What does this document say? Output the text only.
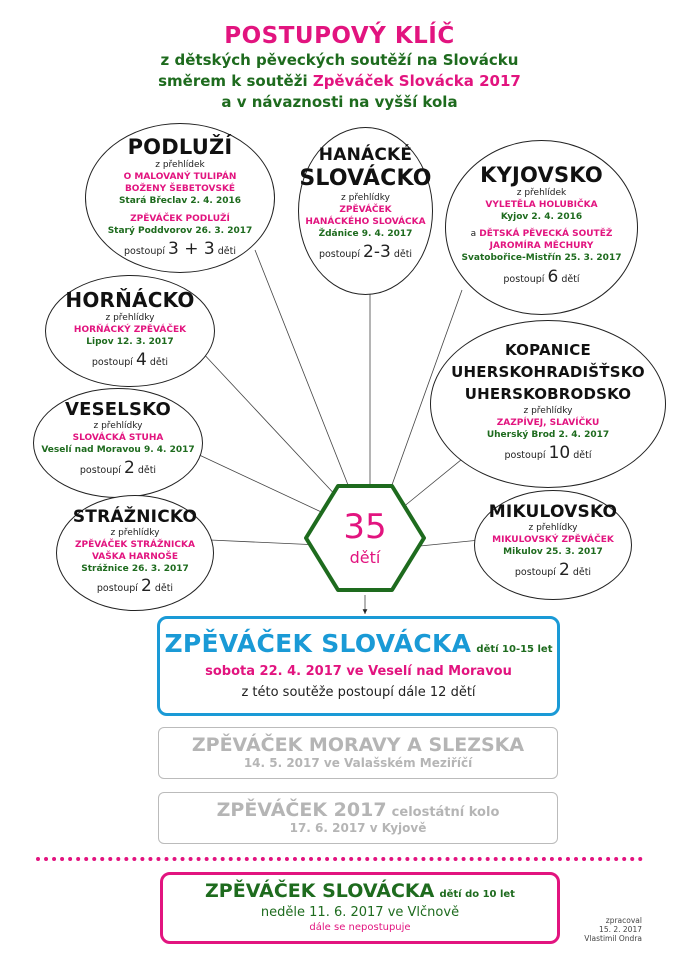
POSTUPOVÝ KLÍČ
z dětských pěveckých soutěží na Slovácku
směrem k soutěži Zpěváček Slovácka 2017
a v návaznosti na vyšší kola
PODLUŽÍ
z přehlídek
O MALOVANÝ TULIPÁN
BOŽENY ŠEBETOVSKÉ
Stará Břeclav 2. 4. 2016
ZPĚVÁČEK PODLUŽÍ
Starý Poddvorov 26. 3. 2017
postoupí 3 + 3 děti
HANÁCKÉ
SLOVÁCKO
z přehlídky
ZPĚVÁČEK
HANÁCKÉHO SLOVÁCKA
Ždánice 9. 4. 2017
postoupí 2-3 děti
KYJOVSKO
z přehlídek
VYLETĚLA HOLUBIČKA
Kyjov 2. 4. 2016
a DĚTSKÁ PĚVECKÁ SOUTĚŽ
JAROMÍRA MĚCHURY
Svatobořice-Mistřín 25. 3. 2017
postoupí 6 dětí
HORŇÁCKO
z přehlídky
HORŇÁCKÝ ZPĚVÁČEK
Lipov 12. 3. 2017
postoupí 4 děti
KOPANICE
UHERSKOHRADIŠŤSKO
UHERSKOBRODSKO
z přehlídky
ZAZPÍVEJ, SLAVÍČKU
Uherský Brod 2. 4. 2017
postoupí 10 dětí
VESELSKO
z přehlídky
SLOVÁCKÁ STUHA
Veselí nad Moravou 9. 4. 2017
postoupí 2 děti
STRÁŽNICKO
z přehlídky
ZPĚVÁČEK STRÁŽNICKA
VAŠKA HARNOŠE
Strážnice 26. 3. 2017
postoupí 2 děti
MIKULOVSKO
z přehlídky
MIKULOVSKÝ ZPĚVÁČEK
Mikulov 25. 3. 2017
postoupí 2 děti
35
dětí
ZPĚVÁČEK SLOVÁCKA dětí 10-15 let
sobota 22. 4. 2017 ve Veselí nad Moravou
z této soutěže postoupí dále 12 dětí
ZPĚVÁČEK MORAVY A SLEZSKA
14. 5. 2017 ve Valašském Meziříčí
ZPĚVÁČEK 2017 celostátní kolo
17. 6. 2017 v Kyjově
ZPĚVÁČEK SLOVÁCKA dětí do 10 let
neděle 11. 6. 2017 ve Vlčnově
dále se nepostupuje
zpracoval
15. 2. 2017
Vlastimil Ondra
